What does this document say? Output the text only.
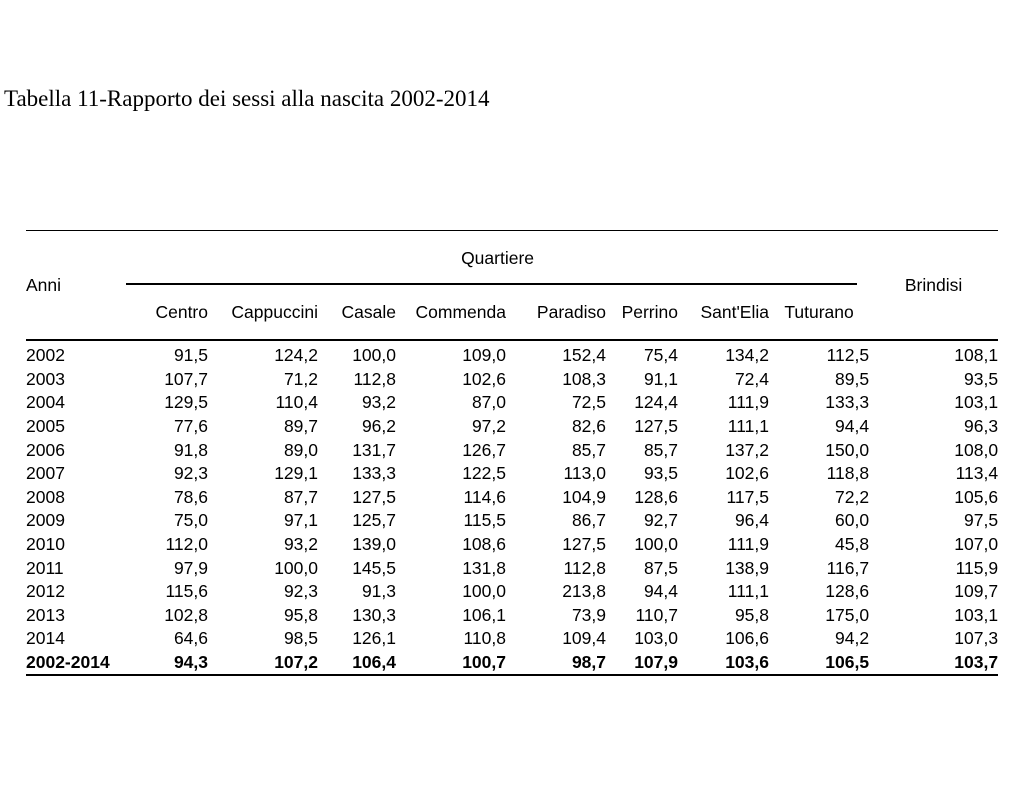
Tabella 11-Rapporto dei sessi alla nascita 2002-2014
Anni	Quartiere								Brindisi
	Centro	Cappuccini	Casale	Commenda	Paradiso	Perrino	Sant'Elia	Tuturano	
2002	91,5	124,2	100,0	109,0	152,4	75,4	134,2	112,5	108,1
2003	107,7	71,2	112,8	102,6	108,3	91,1	72,4	89,5	93,5
2004	129,5	110,4	93,2	87,0	72,5	124,4	111,9	133,3	103,1
2005	77,6	89,7	96,2	97,2	82,6	127,5	111,1	94,4	96,3
2006	91,8	89,0	131,7	126,7	85,7	85,7	137,2	150,0	108,0
2007	92,3	129,1	133,3	122,5	113,0	93,5	102,6	118,8	113,4
2008	78,6	87,7	127,5	114,6	104,9	128,6	117,5	72,2	105,6
2009	75,0	97,1	125,7	115,5	86,7	92,7	96,4	60,0	97,5
2010	112,0	93,2	139,0	108,6	127,5	100,0	111,9	45,8	107,0
2011	97,9	100,0	145,5	131,8	112,8	87,5	138,9	116,7	115,9
2012	115,6	92,3	91,3	100,0	213,8	94,4	111,1	128,6	109,7
2013	102,8	95,8	130,3	106,1	73,9	110,7	95,8	175,0	103,1
2014	64,6	98,5	126,1	110,8	109,4	103,0	106,6	94,2	107,3
2002-2014	94,3	107,2	106,4	100,7	98,7	107,9	103,6	106,5	103,7
